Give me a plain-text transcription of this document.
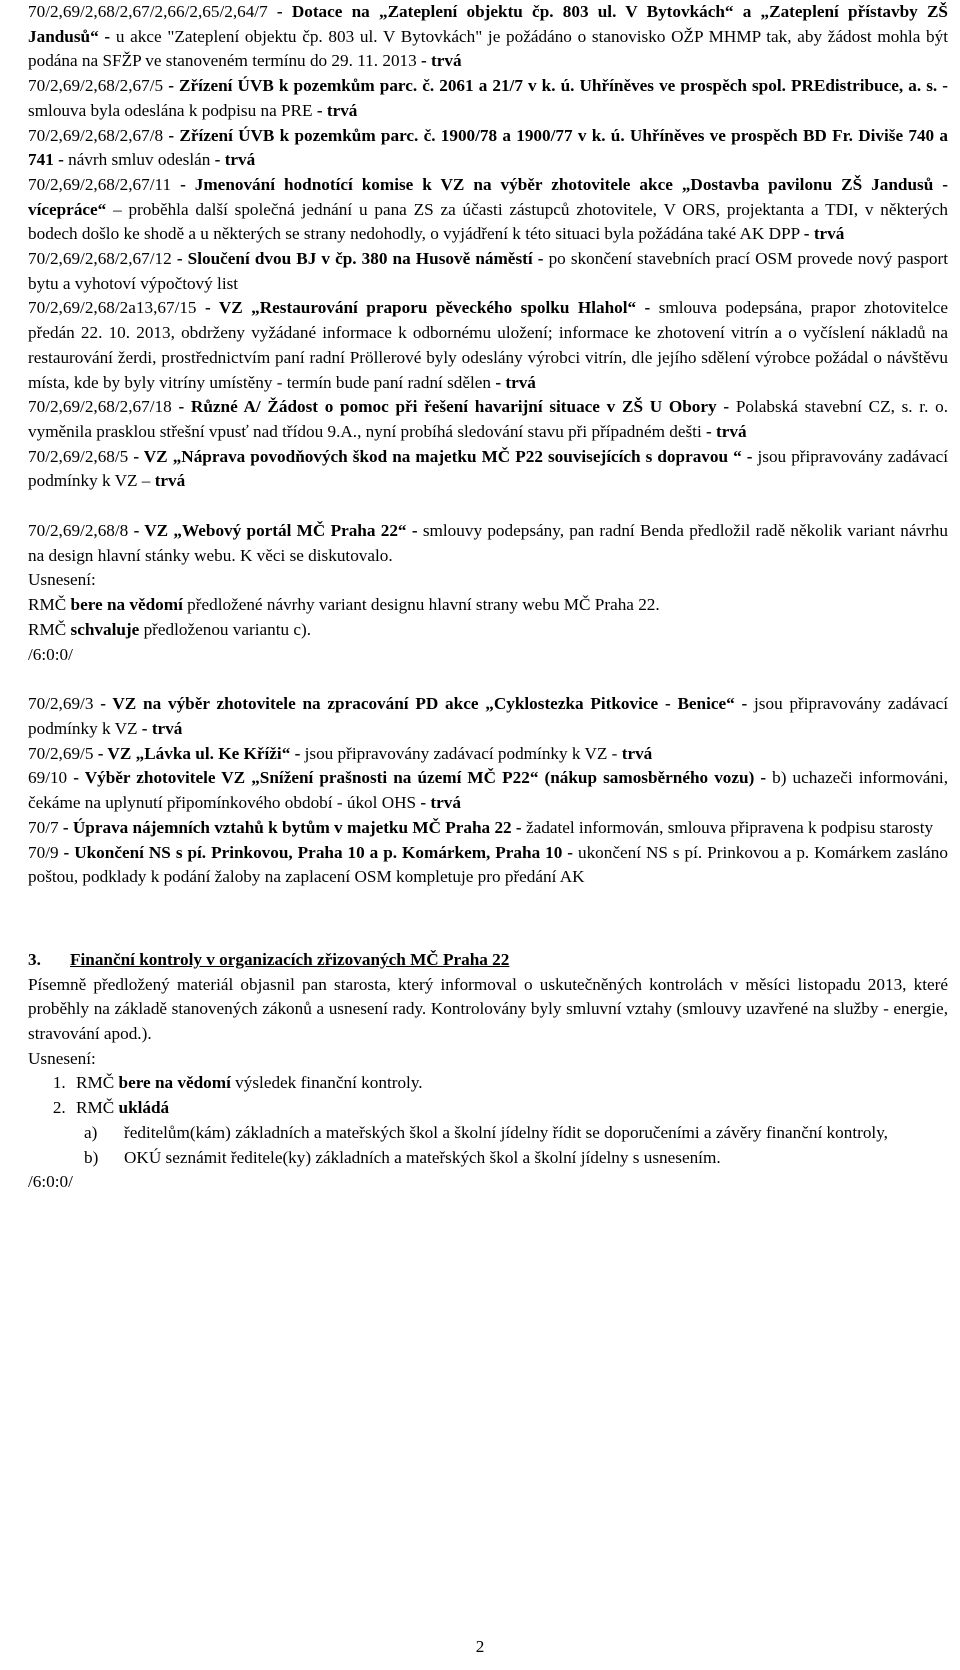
70/2,69/2,68/2,67/2,66/2,65/2,64/7 - Dotace na „Zateplení objektu čp. 803 ul. V Bytovkách“ a „Zateplení přístavby ZŠ Jandusů“ - u akce "Zateplení objektu čp. 803 ul. V Bytovkách" je požádáno o stanovisko OŽP MHMP tak, aby žádost mohla být podána na SFŽP ve stanoveném termínu do 29. 11. 2013 - trvá

70/2,69/2,68/2,67/5 - Zřízení ÚVB k pozemkům parc. č. 2061 a 21/7 v k. ú. Uhříněves ve prospěch spol. PREdistribuce, a. s. - smlouva byla odeslána k podpisu na PRE - trvá

70/2,69/2,68/2,67/8 - Zřízení ÚVB k pozemkům parc. č. 1900/78 a 1900/77 v k. ú. Uhříněves ve prospěch BD Fr. Diviše 740 a 741 - návrh smluv odeslán - trvá

70/2,69/2,68/2,67/11 - Jmenování hodnotící komise k VZ na výběr zhotovitele akce „Dostavba pavilonu ZŠ Jandusů - vícepráce“ – proběhla další společná jednání u pana ZS za účasti zástupců zhotovitele, V ORS, projektanta a TDI, v některých bodech došlo ke shodě a u některých se strany nedohodly, o vyjádření k této situaci byla požádána také AK DPP - trvá

70/2,69/2,68/2,67/12 - Sloučení dvou BJ v čp. 380 na Husově náměstí - po skončení stavebních prací OSM provede nový pasport bytu a vyhotoví výpočtový list

70/2,69/2,68/2a13,67/15 - VZ „Restaurování praporu pěveckého spolku Hlahol“ - smlouva podepsána, prapor zhotovitelce předán 22. 10. 2013, obdrženy vyžádané informace k odbornému uložení; informace ke zhotovení vitrín a o vyčíslení nákladů na restaurování žerdi, prostřednictvím paní radní Pröllerové byly odeslány výrobci vitrín, dle jejího sdělení výrobce požádal o návštěvu místa, kde by byly vitríny umístěny - termín bude paní radní sdělen - trvá

70/2,69/2,68/2,67/18 - Různé A/ Žádost o pomoc při řešení havarijní situace v ZŠ U Obory - Polabská stavební CZ, s. r. o. vyměnila prasklou střešní vpusť nad třídou 9.A., nyní probíhá sledování stavu při případném dešti - trvá

70/2,69/2,68/5 - VZ „Náprava povodňových škod na majetku MČ P22 souvisejících s dopravou “ - jsou připravovány zadávací podmínky k VZ – trvá

70/2,69/2,68/8 - VZ „Webový portál MČ Praha 22“ - smlouvy podepsány, pan radní Benda předložil radě několik variant návrhu na design hlavní stánky webu. K věci se diskutovalo.

Usnesení:

RMČ bere na vědomí předložené návrhy variant designu hlavní strany webu MČ Praha 22.

RMČ schvaluje předloženou variantu c).

/6:0:0/

70/2,69/3 - VZ na výběr zhotovitele na zpracování PD akce „Cyklostezka Pitkovice - Benice“ - jsou připravovány zadávací podmínky k VZ - trvá

70/2,69/5 - VZ „Lávka ul. Ke Kříži“ - jsou připravovány zadávací podmínky k VZ - trvá

69/10 - Výběr zhotovitele VZ „Snížení prašnosti na území MČ P22“ (nákup samosběrného vozu) - b) uchazeči informováni, čekáme na uplynutí připomínkového období - úkol OHS - trvá

70/7 - Úprava nájemních vztahů k bytům v majetku MČ Praha 22 - žadatel informován, smlouva připravena k podpisu starosty

70/9 - Ukončení NS s pí. Prinkovou, Praha 10 a p. Komárkem, Praha 10 - ukončení NS s pí. Prinkovou a p. Komárkem zasláno poštou, podklady k podání žaloby na zaplacení OSM kompletuje pro předání AK

3. Finanční kontroly v organizacích zřizovaných MČ Praha 22

Písemně předložený materiál objasnil pan starosta, který informoval o uskutečněných kontrolách v měsíci listopadu 2013, které proběhly na základě stanovených zákonů a usnesení rady. Kontrolovány byly smluvní vztahy (smlouvy uzavřené na služby - energie, stravování apod.).

Usnesení:

1. RMČ bere na vědomí výsledek finanční kontroly.
2. RMČ ukládá
a) ředitelům(kám) základních a mateřských škol a školní jídelny řídit se doporučeními a závěry finanční kontroly,
b) OKÚ seznámit ředitele(ky) základních a mateřských škol a školní jídelny s usnesením.

/6:0:0/

2
